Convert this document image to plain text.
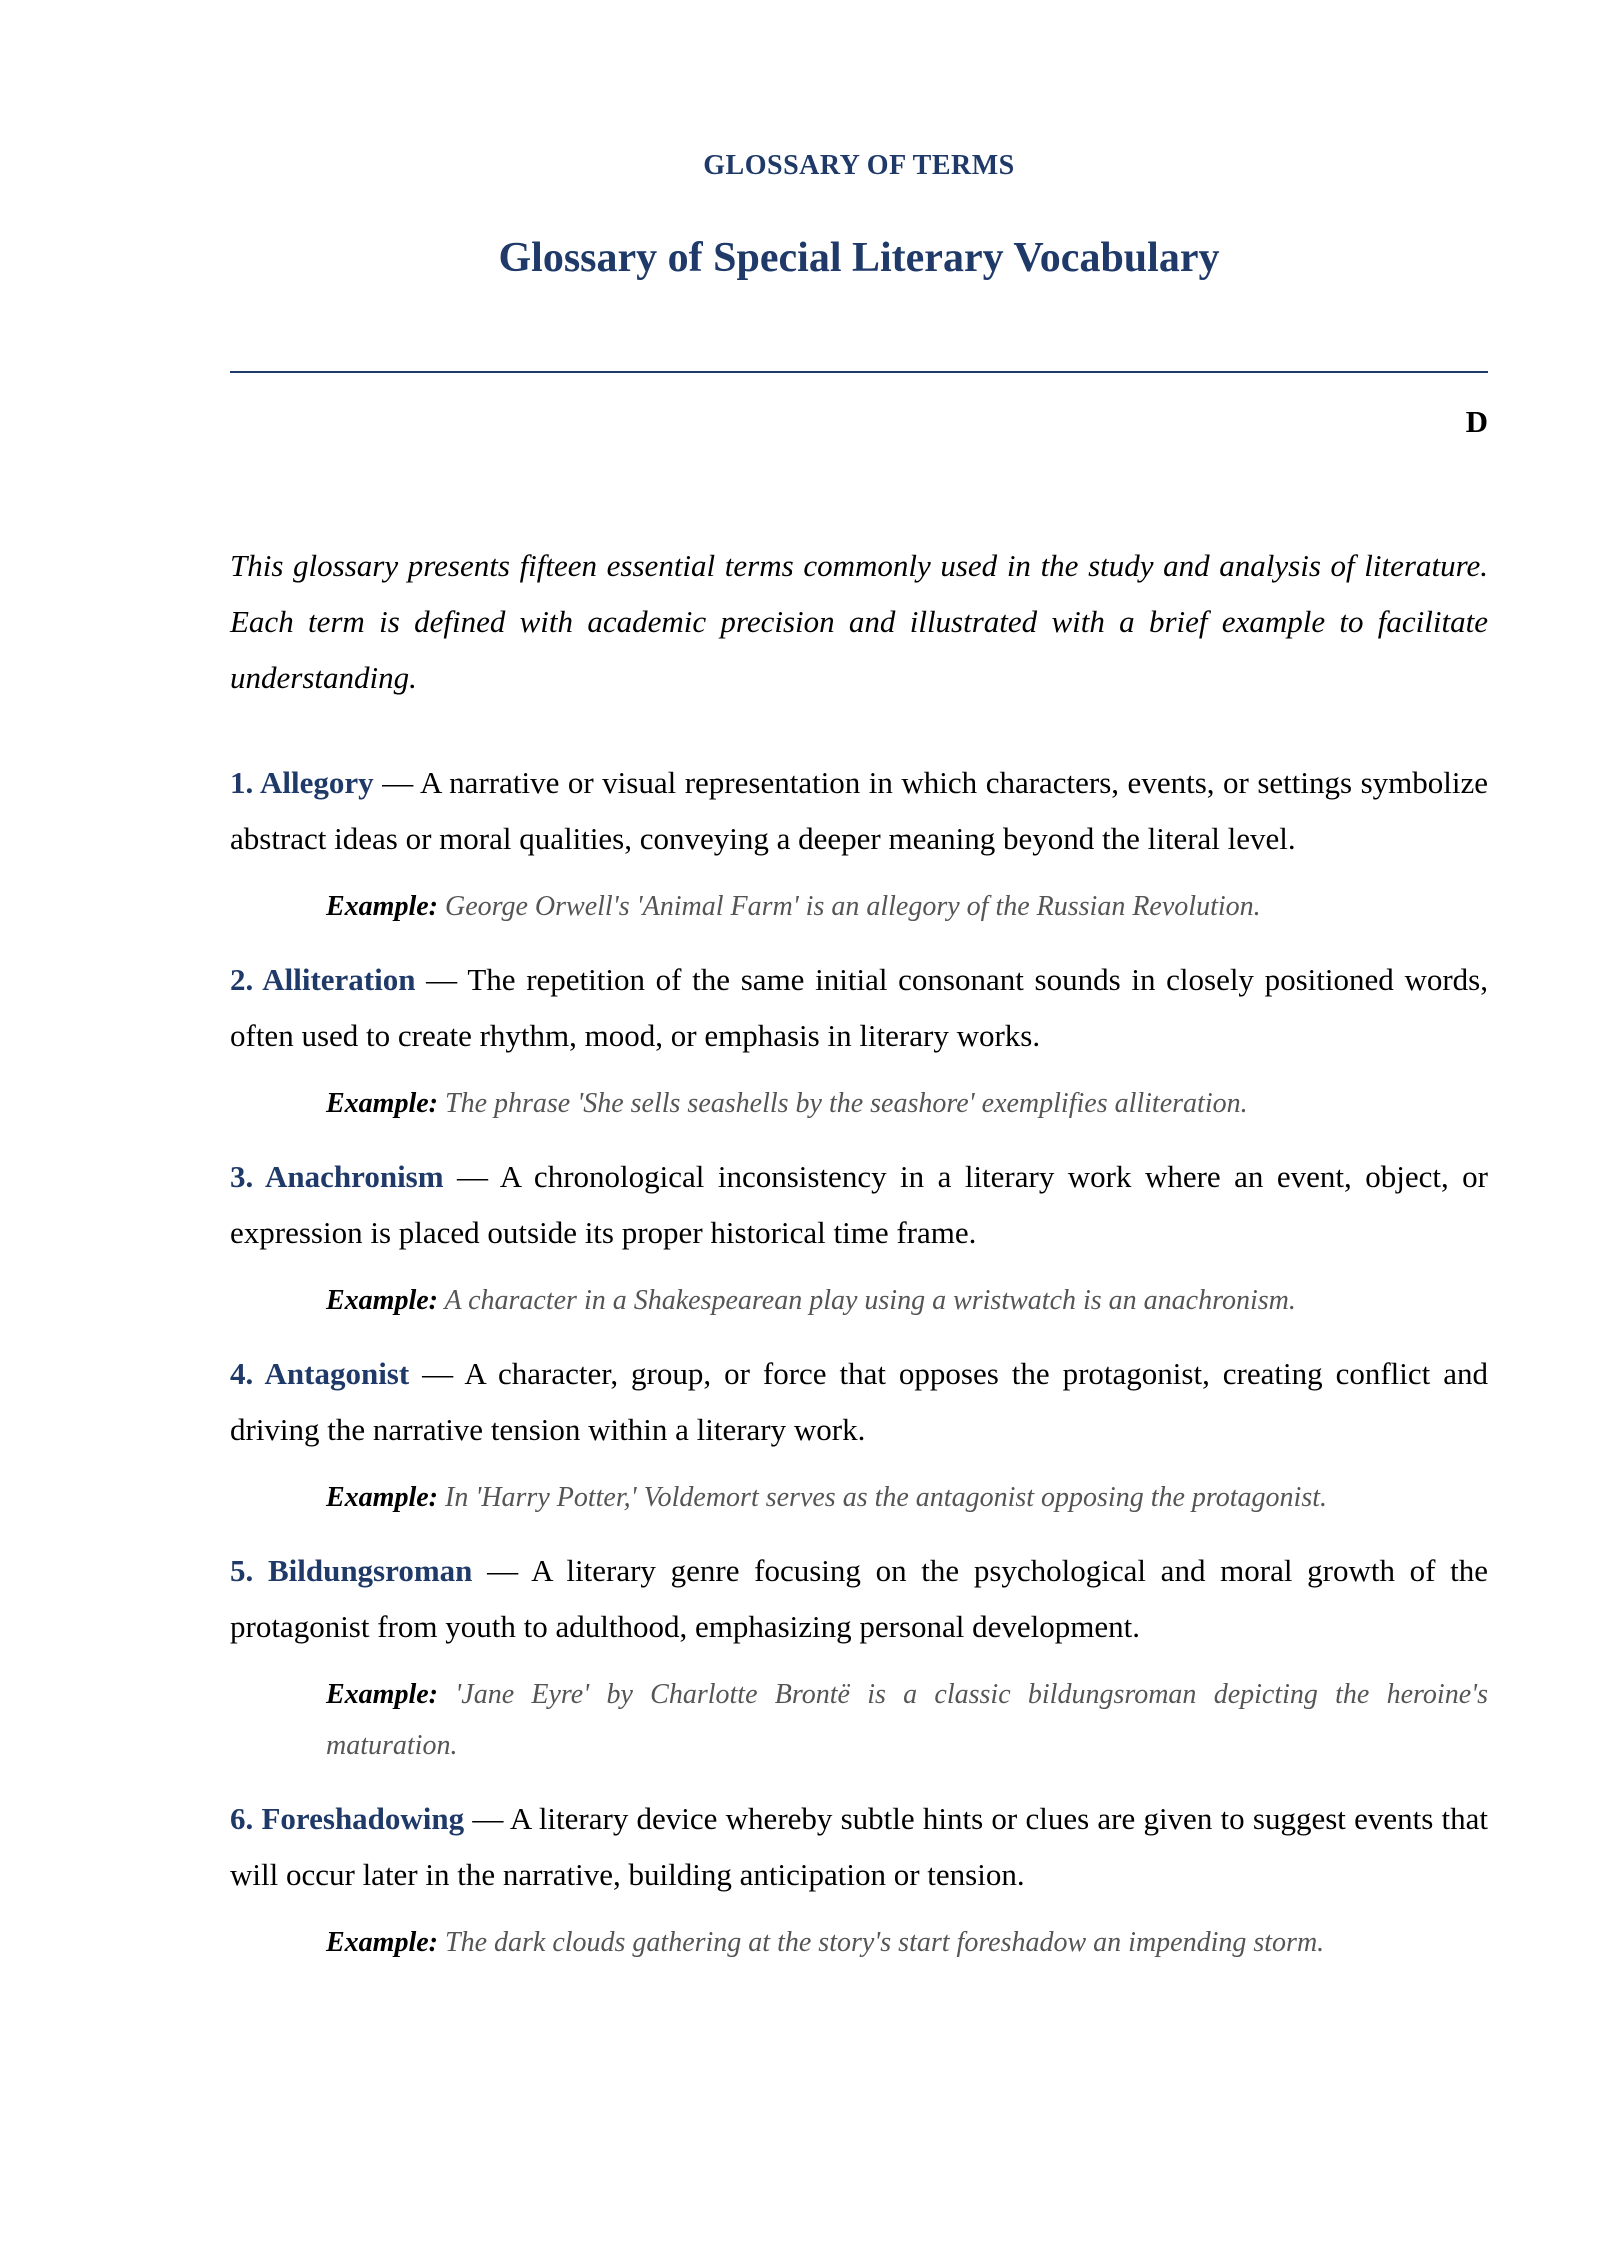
GLOSSARY OF TERMS
Glossary of Special Literary Vocabulary
D

This glossary presents fifteen essential terms commonly used in the study and analysis of literature. Each term is defined with academic precision and illustrated with a brief example to facilitate understanding.

1. Allegory — A narrative or visual representation in which characters, events, or settings symbolize abstract ideas or moral qualities, conveying a deeper meaning beyond the literal level.

Example: George Orwell's 'Animal Farm' is an allegory of the Russian Revolution.

2. Alliteration — The repetition of the same initial consonant sounds in closely positioned words, often used to create rhythm, mood, or emphasis in literary works.

Example: The phrase 'She sells seashells by the seashore' exemplifies alliteration.

3. Anachronism — A chronological inconsistency in a literary work where an event, object, or expression is placed outside its proper historical time frame.

Example: A character in a Shakespearean play using a wristwatch is an anachronism.

4. Antagonist — A character, group, or force that opposes the protagonist, creating conflict and driving the narrative tension within a literary work.

Example: In 'Harry Potter,' Voldemort serves as the antagonist opposing the protagonist.

5. Bildungsroman — A literary genre focusing on the psychological and moral growth of the protagonist from youth to adulthood, emphasizing personal development.

Example: 'Jane Eyre' by Charlotte Brontë is a classic bildungsroman depicting the heroine's maturation.

6. Foreshadowing — A literary device whereby subtle hints or clues are given to suggest events that will occur later in the narrative, building anticipation or tension.

Example: The dark clouds gathering at the story's start foreshadow an impending storm.
